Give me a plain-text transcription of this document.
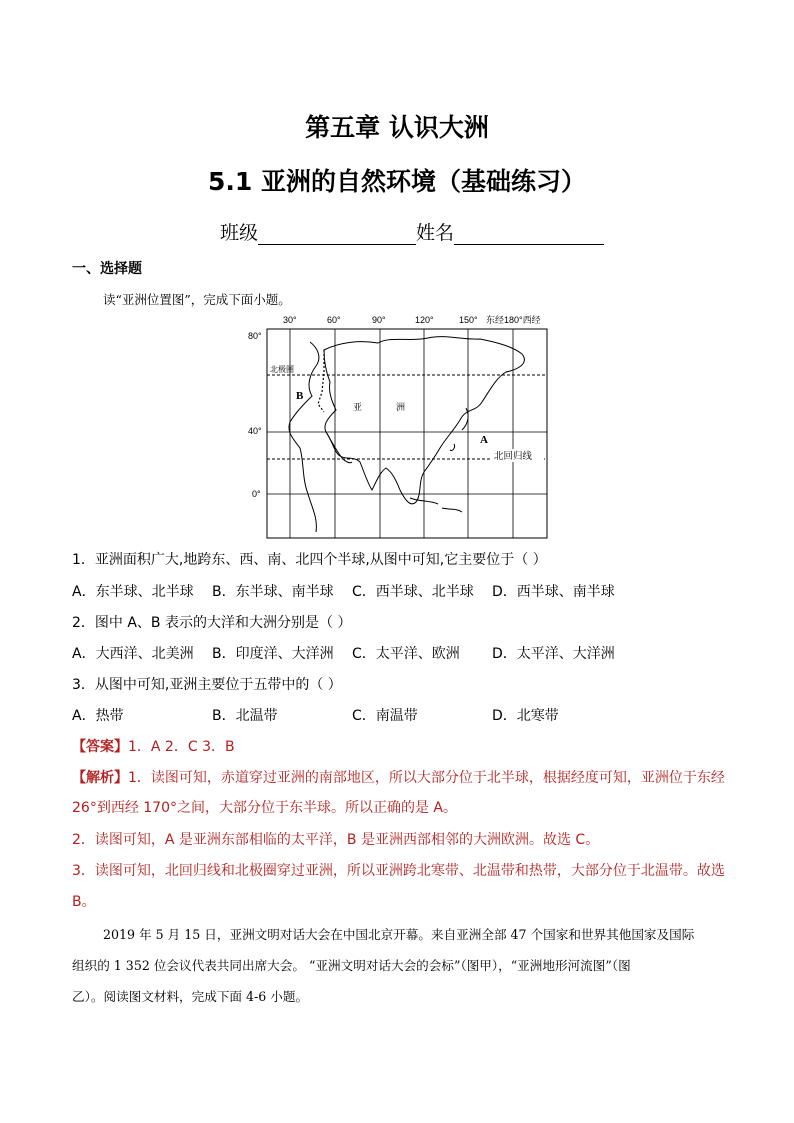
第五章 认识大洲
5.1 亚洲的自然环境（基础练习）
班级	姓名
一、选择题
读“亚洲位置图”，完成下面小题。
30°	60°	90°	120°	150° 东经180°西经
80°
40°
0°
北极圈
B
A
亚	洲
北回归线
1．亚洲面积广大,地跨东、西、南、北四个半球,从图中可知,它主要位于（ ）
A．东半球、北半球 B．东半球、南半球 C．西半球、北半球 D．西半球、南半球
2．图中 A、B 表示的大洋和大洲分别是（ ）
A．大西洋、北美洲 B．印度洋、大洋洲 C．太平洋、欧洲 D．太平洋、大洋洲
3．从图中可知,亚洲主要位于五带中的（ ）
A．热带	B．北温带	C．南温带	D．北寒带
【答案】1．A 2．C 3．B
【解析】1．读图可知，赤道穿过亚洲的南部地区，所以大部分位于北半球，根据经度可知，亚洲位于东经
26°到西经 170°之间，大部分位于东半球。所以正确的是 A。
2．读图可知，A 是亚洲东部相临的太平洋，B 是亚洲西部相邻的大洲欧洲。故选 C。
3．读图可知，北回归线和北极圈穿过亚洲，所以亚洲跨北寒带、北温带和热带，大部分位于北温带。故选
B。
2019 年 5 月 15 日，亚洲文明对话大会在中国北京开幕。来自亚洲全部 47 个国家和世界其他国家及国际
组织的 1 352 位会议代表共同出席大会。 “亚洲文明对话大会的会标”（图甲），“亚洲地形河流图”（图
乙）。阅读图文材料，完成下面 4-6 小题。
